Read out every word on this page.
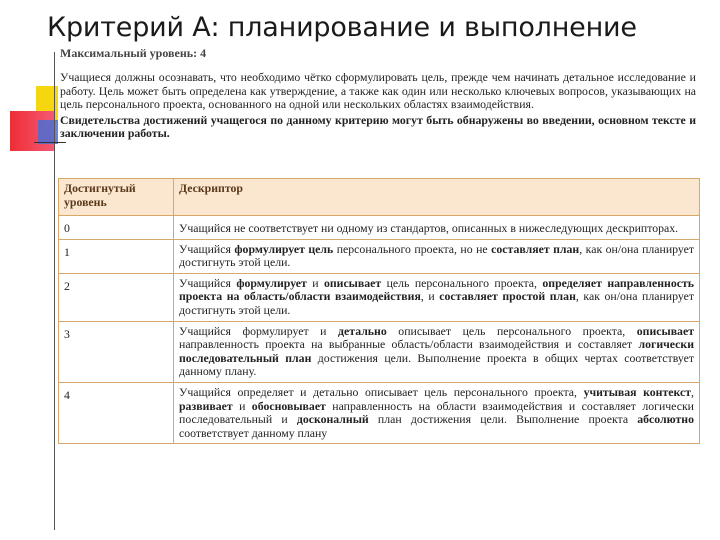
Критерий А: планирование и выполнение
Максимальный уровень: 4

Учащиеся должны осознавать, что необходимо чётко сформулировать цель, прежде чем начинать детальное исследование и работу. Цель может быть определена как утверждение, а также как один или несколько ключевых вопросов, указывающих на цель персонального проекта, основанного на одной или нескольких областях взаимодействия.

Свидетельства достижений учащегося по данному критерию могут быть обнаружены во введении, основном тексте и заключении работы.

Достигнутый уровень	Дескриптор
0	Учащийся не соответствует ни одному из стандартов, описанных в нижеследующих дескрипторах.
1	Учащийся формулирует цель персонального проекта, но не составляет план, как он/она планирует достигнуть этой цели.
2	Учащийся формулирует и описывает цель персонального проекта, определяет направленность проекта на область/области взаимодействия, и составляет простой план, как он/она планирует достигнуть этой цели.
3	Учащийся формулирует и детально описывает цель персонального проекта, описывает направленность проекта на выбранные область/области взаимодействия и составляет логически последовательный план достижения цели. Выполнение проекта в общих чертах соответствует данному плану.
4	Учащийся определяет и детально описывает цель персонального проекта, учитывая контекст, развивает и обосновывает направленность на области взаимодействия и составляет логически последовательный и досконалный план достижения цели. Выполнение проекта абсолютно соответствует данному плану
